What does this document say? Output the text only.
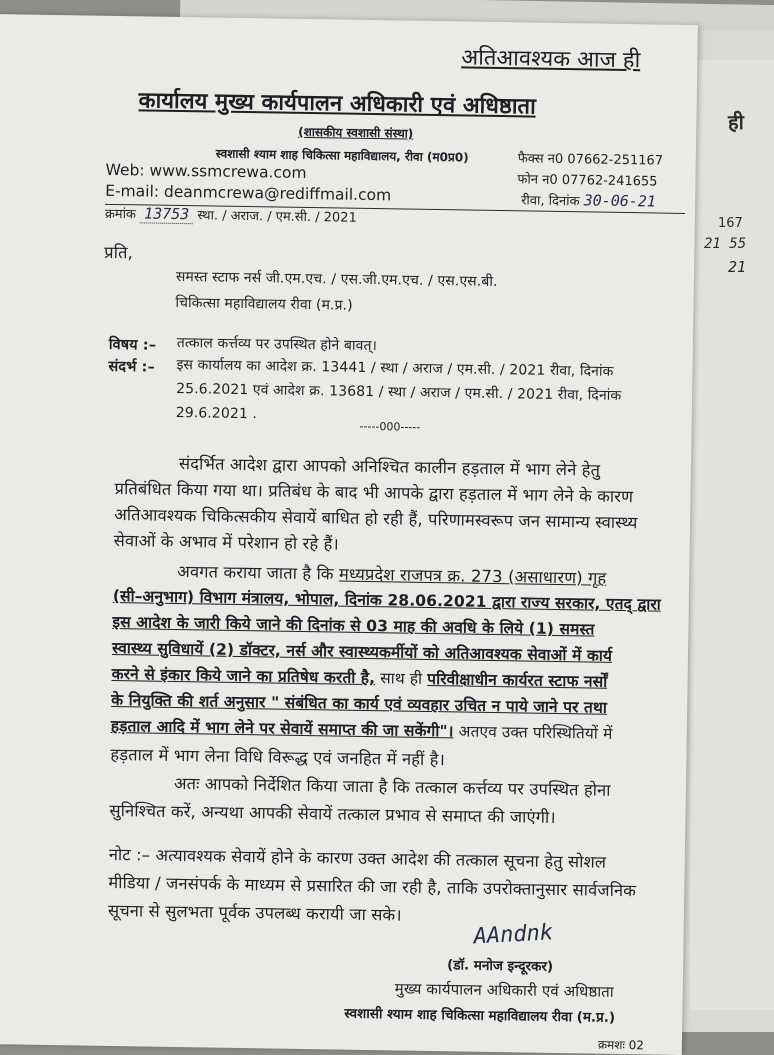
ही
167
21 55
21
अतिआवश्यक आज ही
कार्यालय मुख्य कार्यपालन अधिकारी एवं अधिष्ठाता
(शासकीय स्वशासी संस्था)
स्वशासी श्याम शाह चिकित्सा महाविद्यालय, रीवा (म0प्र0)	फैक्स न0 07662-251167
फोन न0 07762-241655
Web: www.ssmcrewa.com
E-mail: deanmcrewa@rediffmail.com
क्रमांक 13753 स्था. / अराज. / एम.सी. / 2021
रीवा, दिनांक 30-06-21
प्रति,
समस्त स्टाफ नर्स जी.एम.एच. / एस.जी.एम.एच. / एस.एस.बी.
चिकित्सा महाविद्यालय रीवा (म.प्र.)
विषय :– तत्काल कर्त्तव्य पर उपस्थित होने बावत्।
संदर्भ :– इस कार्यालय का आदेश क्र. 13441 / स्था / अराज / एम.सी. / 2021 रीवा, दिनांक
25.6.2021 एवं आदेश क्र. 13681 / स्था / अराज / एम.सी. / 2021 रीवा, दिनांक
29.6.2021 .
-----000-----
संदर्भित आदेश द्वारा आपको अनिश्चित कालीन हड़ताल में भाग लेने हेतु
प्रतिबंधित किया गया था। प्रतिबंध के बाद भी आपके द्वारा हड़ताल में भाग लेने के कारण
अतिआवश्यक चिकित्सकीय सेवायें बाधित हो रही हैं, परिणामस्वरूप जन सामान्य स्वास्थ्य
सेवाओं के अभाव में परेशान हो रहे हैं।
अवगत कराया जाता है कि मध्यप्रदेश राजपत्र क्र. 273 (असाधारण) गृह
(सी–अनुभाग) विभाग मंत्रालय, भोपाल, दिनांक 28.06.2021 द्वारा राज्य सरकार, एतद् द्वारा
इस आदेश के जारी किये जाने की दिनांक से 03 माह की अवधि के लिये (1) समस्त
स्वास्थ्य सुविधायें (2) डॉक्टर, नर्स और स्वास्थ्यकर्मीयों को अतिआवश्यक सेवाओं में कार्य
करने से इंकार किये जाने का प्रतिषेध करती है, साथ ही परिवीक्षाधीन कार्यरत स्टाफ नर्सों
के नियुक्ति की शर्त अनुसार " संबंधित का कार्य एवं व्यवहार उचित न पाये जाने पर तथा
हड़ताल आदि में भाग लेने पर सेवायें समाप्त की जा सकेंगी"। अतएव उक्त परिस्थितियों में
हड़ताल में भाग लेना विधि विरूद्ध एवं जनहित में नहीं है।
अतः आपको निर्देशित किया जाता है कि तत्काल कर्त्तव्य पर उपस्थित होना
सुनिश्चित करें, अन्यथा आपकी सेवायें तत्काल प्रभाव से समाप्त की जाएंगी।
नोट :– अत्यावश्यक सेवायें होने के कारण उक्त आदेश की तत्काल सूचना हेतु सोशल
मीडिया / जनसंपर्क के माध्यम से प्रसारित की जा रही है, ताकि उपरोक्तानुसार सार्वजनिक
सूचना से सुलभता पूर्वक उपलब्ध करायी जा सके।
AAndnk
(डॉ. मनोज इन्दूरकर)
मुख्य कार्यपालन अधिकारी एवं अधिष्ठाता
स्वशासी श्याम शाह चिकित्सा महाविद्यालय रीवा (म.प्र.)
क्रमशः 02
